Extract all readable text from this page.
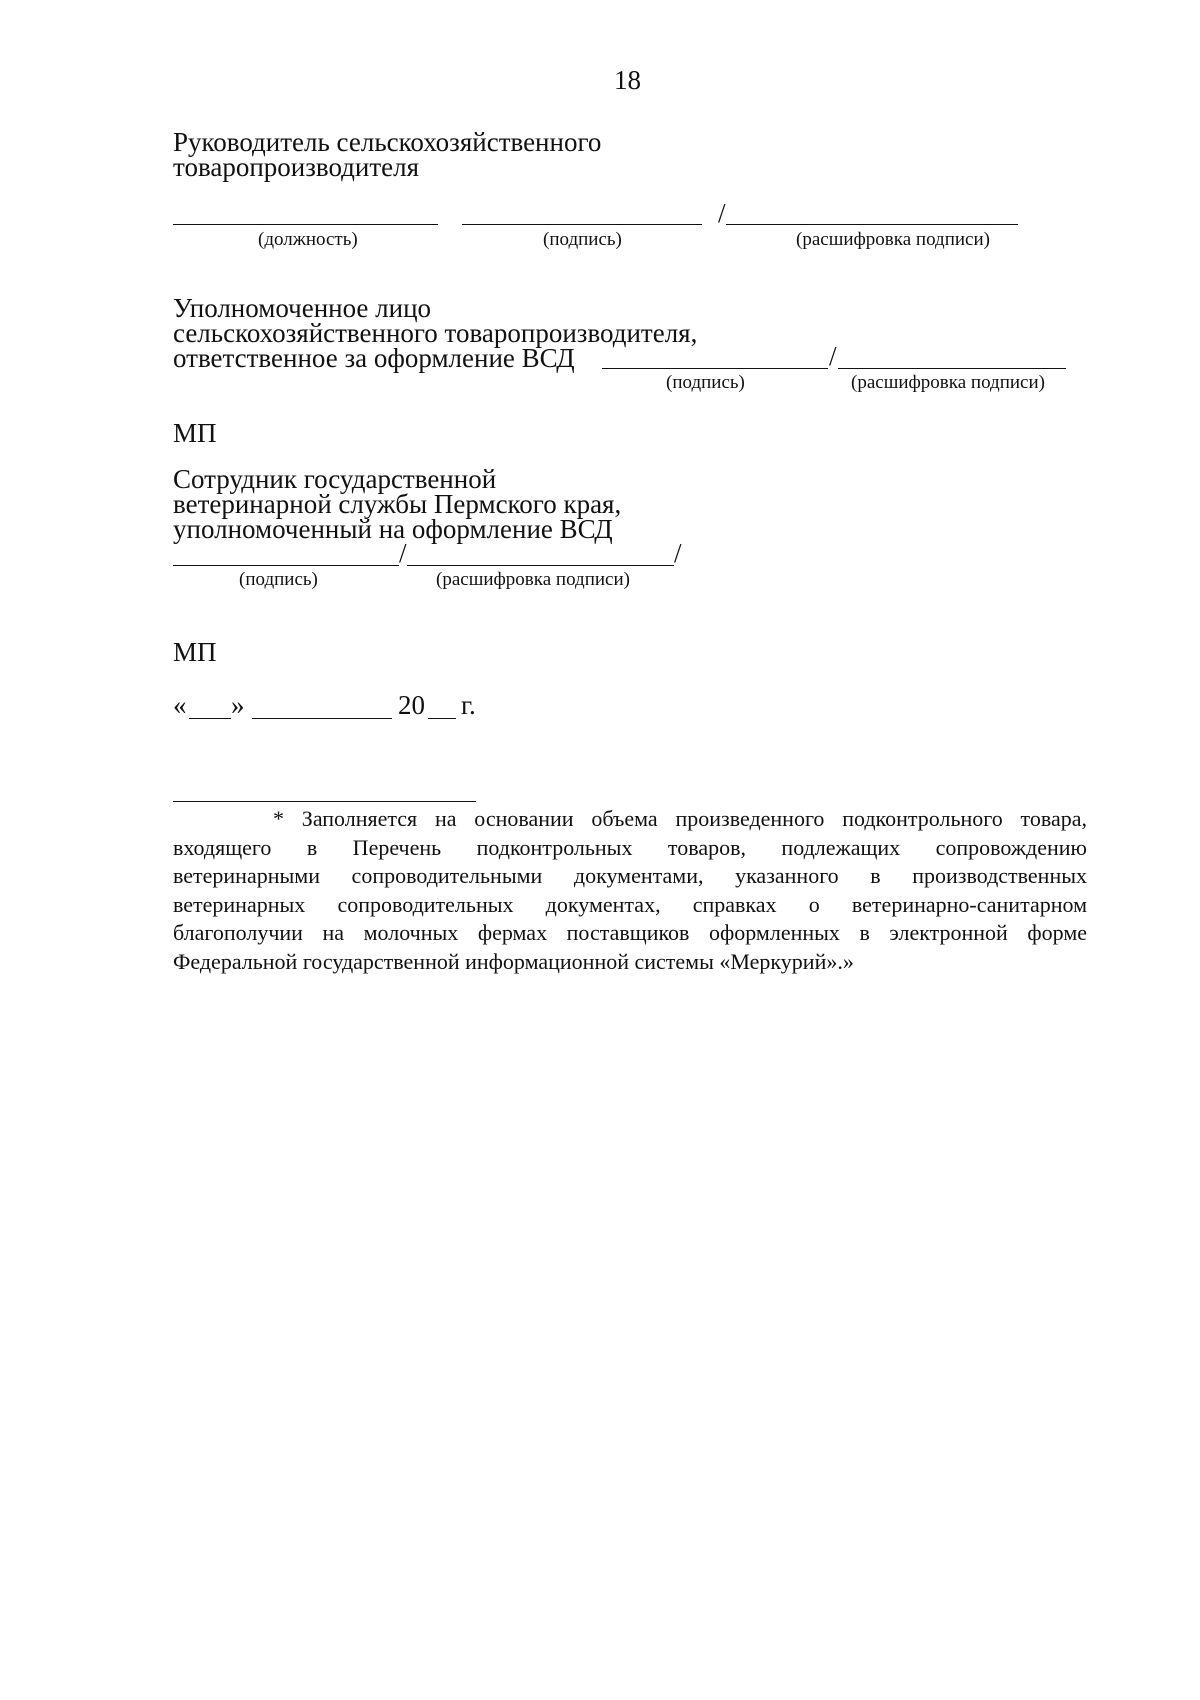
18
Руководитель сельскохозяйственного
товаропроизводителя
/
(должность)	(подпись)	(расшифровка подписи)
Уполномоченное лицо
сельскохозяйственного товаропроизводителя,
ответственное за оформление ВСД	/
(подпись)	(расшифровка подписи)
МП
Сотрудник государственной
ветеринарной службы Пермского края,
уполномоченный на оформление ВСД
/	/
(подпись)	(расшифровка подписи)
МП
« »	20 г.
* Заполняется на основании объема произведенного подконтрольного товара,
входящего в Перечень подконтрольных товаров, подлежащих сопровождению
ветеринарными сопроводительными документами, указанного в производственных
ветеринарных сопроводительных документах, справках о ветеринарно-санитарном
благополучии на молочных фермах поставщиков оформленных в электронной форме
Федеральной государственной информационной системы «Меркурий».»
